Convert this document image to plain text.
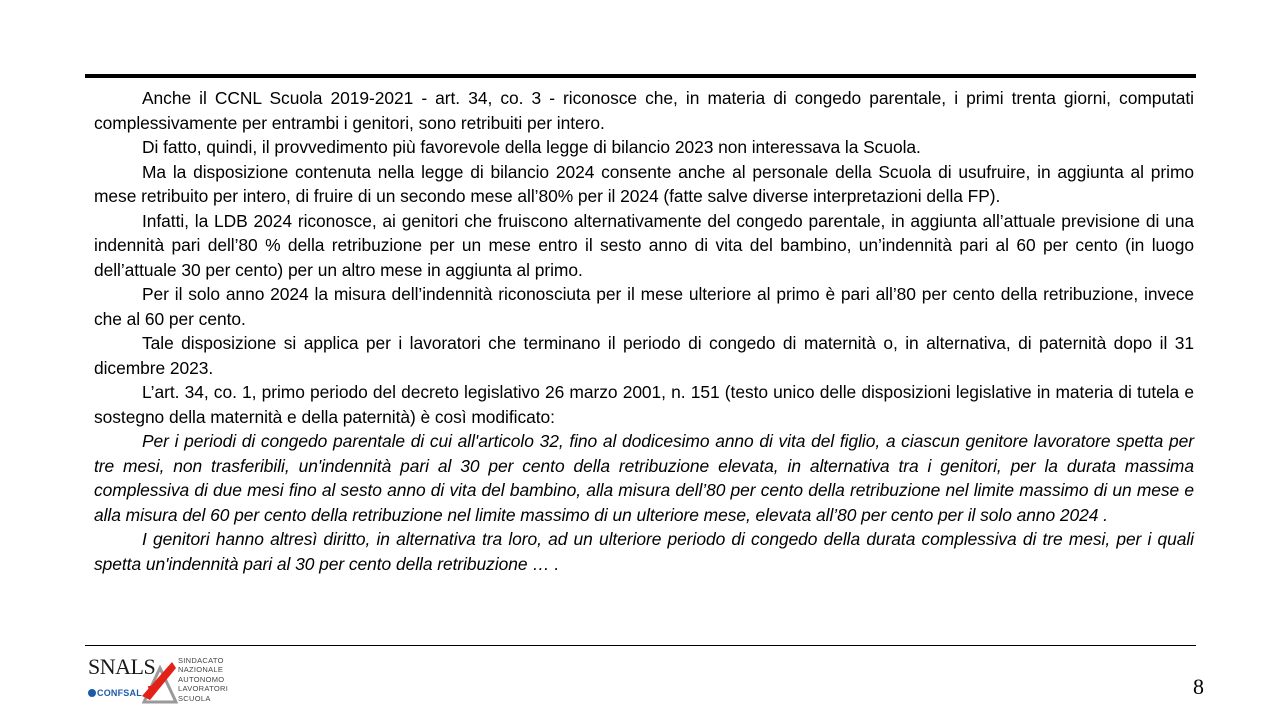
Anche il CCNL Scuola 2019-2021 - art. 34, co. 3 - riconosce che, in materia di congedo parentale, i primi trenta giorni, computati complessivamente per entrambi i genitori, sono retribuiti per intero.

Di fatto, quindi, il provvedimento più favorevole della legge di bilancio 2023 non interessava la Scuola.

Ma la disposizione contenuta nella legge di bilancio 2024 consente anche al personale della Scuola di usufruire, in aggiunta al primo mese retribuito per intero, di fruire di un secondo mese all’80% per il 2024 (fatte salve diverse interpretazioni della FP).

Infatti, la LDB 2024 riconosce, ai genitori che fruiscono alternativamente del congedo parentale, in aggiunta all’attuale previsione di una indennità pari dell’80 % della retribuzione per un mese entro il sesto anno di vita del bambino, un’indennità pari al 60 per cento (in luogo dell’attuale 30 per cento) per un altro mese in aggiunta al primo.

Per il solo anno 2024 la misura dell’indennità riconosciuta per il mese ulteriore al primo è pari all’80 per cento della retribuzione, invece che al 60 per cento.

Tale disposizione si applica per i lavoratori che terminano il periodo di congedo di maternità o, in alternativa, di paternità dopo il 31 dicembre 2023.

L’art. 34, co. 1, primo periodo del decreto legislativo 26 marzo 2001, n. 151 (testo unico delle disposizioni legislative in materia di tutela e sostegno della maternità e della paternità) è così modificato:

Per i periodi di congedo parentale di cui all'articolo 32, fino al dodicesimo anno di vita del figlio, a ciascun genitore lavoratore spetta per tre mesi, non trasferibili, un'indennità pari al 30 per cento della retribuzione elevata, in alternativa tra i genitori, per la durata massima complessiva di due mesi fino al sesto anno di vita del bambino, alla misura dell’80 per cento della retribuzione nel limite massimo di un mese e alla misura del 60 per cento della retribuzione nel limite massimo di un ulteriore mese, elevata all’80 per cento per il solo anno 2024 .

I genitori hanno altresì diritto, in alternativa tra loro, ad un ulteriore periodo di congedo della durata complessiva di tre mesi, per i quali spetta un'indennità pari al 30 per cento della retribuzione … .

SNALS	SINDACATO
NAZIONALE
AUTONOMO
LAVORATORI
SCUOLA
CONFSAL	8
